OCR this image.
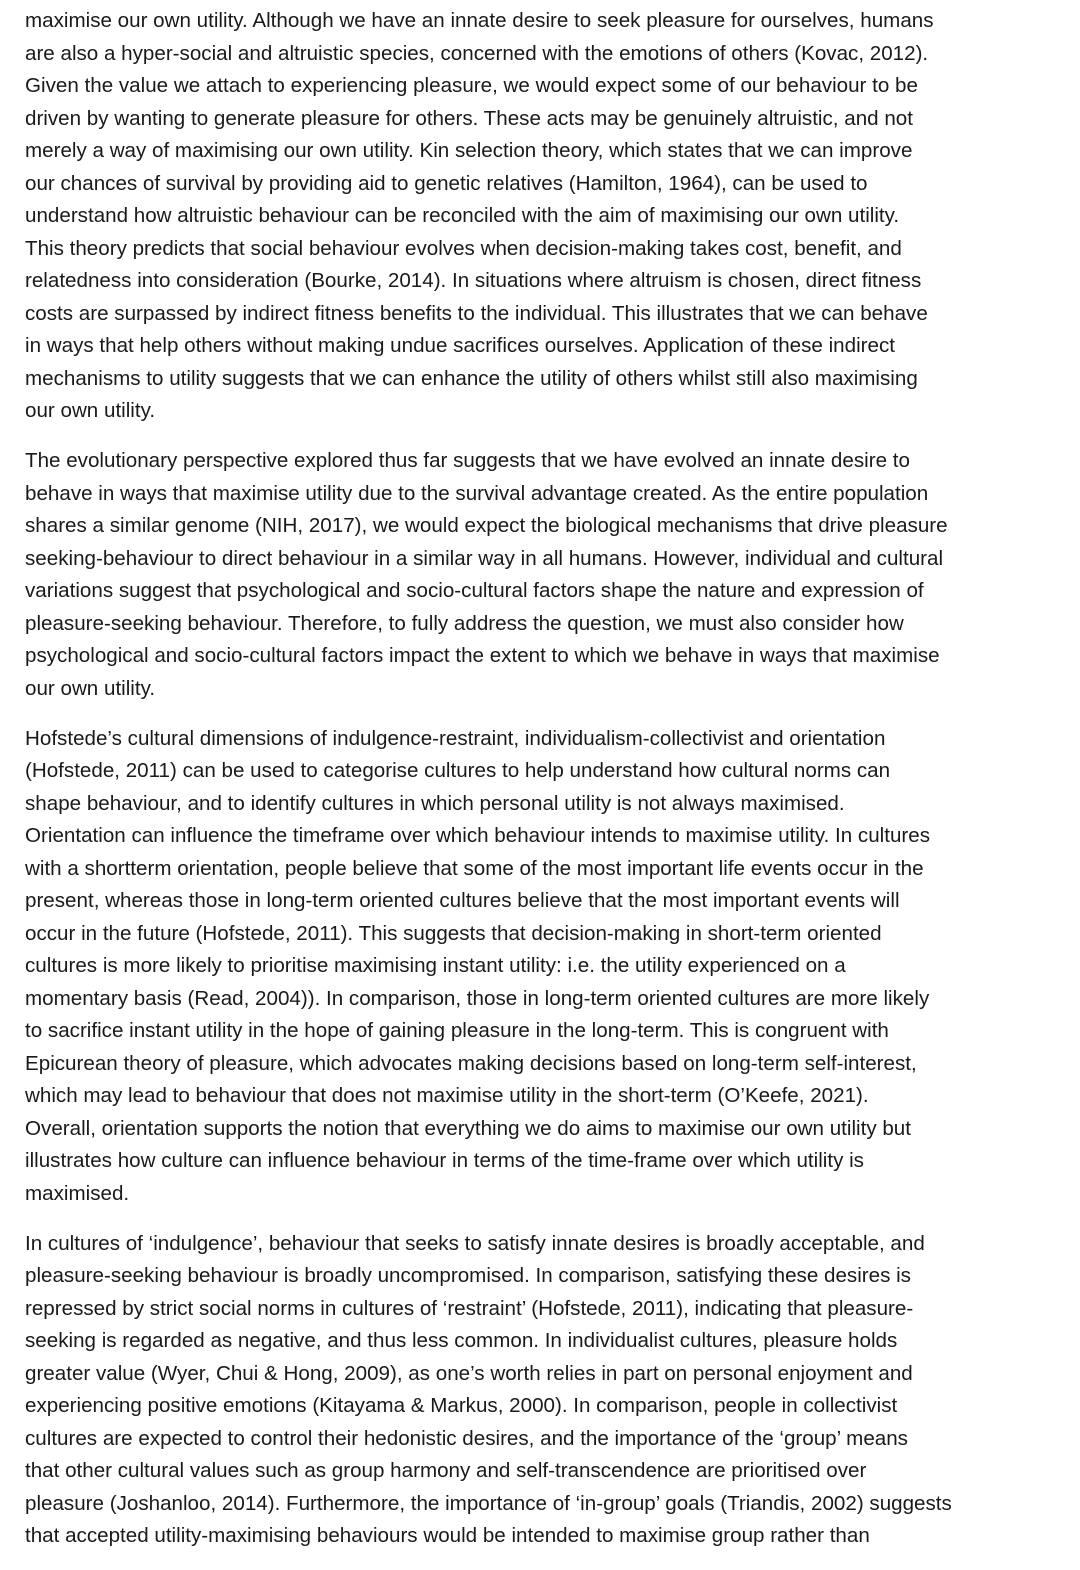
maximise our own utility. Although we have an innate desire to seek pleasure for ourselves, humans
are also a hyper-social and altruistic species, concerned with the emotions of others (Kovac, 2012).
Given the value we attach to experiencing pleasure, we would expect some of our behaviour to be
driven by wanting to generate pleasure for others. These acts may be genuinely altruistic, and not
merely a way of maximising our own utility. Kin selection theory, which states that we can improve
our chances of survival by providing aid to genetic relatives (Hamilton, 1964), can be used to
understand how altruistic behaviour can be reconciled with the aim of maximising our own utility.
This theory predicts that social behaviour evolves when decision-making takes cost, benefit, and
relatedness into consideration (Bourke, 2014). In situations where altruism is chosen, direct fitness
costs are surpassed by indirect fitness benefits to the individual. This illustrates that we can behave
in ways that help others without making undue sacrifices ourselves. Application of these indirect
mechanisms to utility suggests that we can enhance the utility of others whilst still also maximising
our own utility.

The evolutionary perspective explored thus far suggests that we have evolved an innate desire to
behave in ways that maximise utility due to the survival advantage created. As the entire population
shares a similar genome (NIH, 2017), we would expect the biological mechanisms that drive pleasure
seeking-behaviour to direct behaviour in a similar way in all humans. However, individual and cultural
variations suggest that psychological and socio-cultural factors shape the nature and expression of
pleasure-seeking behaviour. Therefore, to fully address the question, we must also consider how
psychological and socio-cultural factors impact the extent to which we behave in ways that maximise
our own utility.

Hofstede’s cultural dimensions of indulgence-restraint, individualism-collectivist and orientation
(Hofstede, 2011) can be used to categorise cultures to help understand how cultural norms can
shape behaviour, and to identify cultures in which personal utility is not always maximised.
Orientation can influence the timeframe over which behaviour intends to maximise utility. In cultures
with a shortterm orientation, people believe that some of the most important life events occur in the
present, whereas those in long-term oriented cultures believe that the most important events will
occur in the future (Hofstede, 2011). This suggests that decision-making in short-term oriented
cultures is more likely to prioritise maximising instant utility: i.e. the utility experienced on a
momentary basis (Read, 2004)). In comparison, those in long-term oriented cultures are more likely
to sacrifice instant utility in the hope of gaining pleasure in the long-term. This is congruent with
Epicurean theory of pleasure, which advocates making decisions based on long-term self-interest,
which may lead to behaviour that does not maximise utility in the short-term (O’Keefe, 2021).
Overall, orientation supports the notion that everything we do aims to maximise our own utility but
illustrates how culture can influence behaviour in terms of the time-frame over which utility is
maximised.

In cultures of ‘indulgence’, behaviour that seeks to satisfy innate desires is broadly acceptable, and
pleasure-seeking behaviour is broadly uncompromised. In comparison, satisfying these desires is
repressed by strict social norms in cultures of ‘restraint’ (Hofstede, 2011), indicating that pleasure-
seeking is regarded as negative, and thus less common. In individualist cultures, pleasure holds
greater value (Wyer, Chui & Hong, 2009), as one’s worth relies in part on personal enjoyment and
experiencing positive emotions (Kitayama & Markus, 2000). In comparison, people in collectivist
cultures are expected to control their hedonistic desires, and the importance of the ‘group’ means
that other cultural values such as group harmony and self-transcendence are prioritised over
pleasure (Joshanloo, 2014). Furthermore, the importance of ‘in-group’ goals (Triandis, 2002) suggests
that accepted utility-maximising behaviours would be intended to maximise group rather than
